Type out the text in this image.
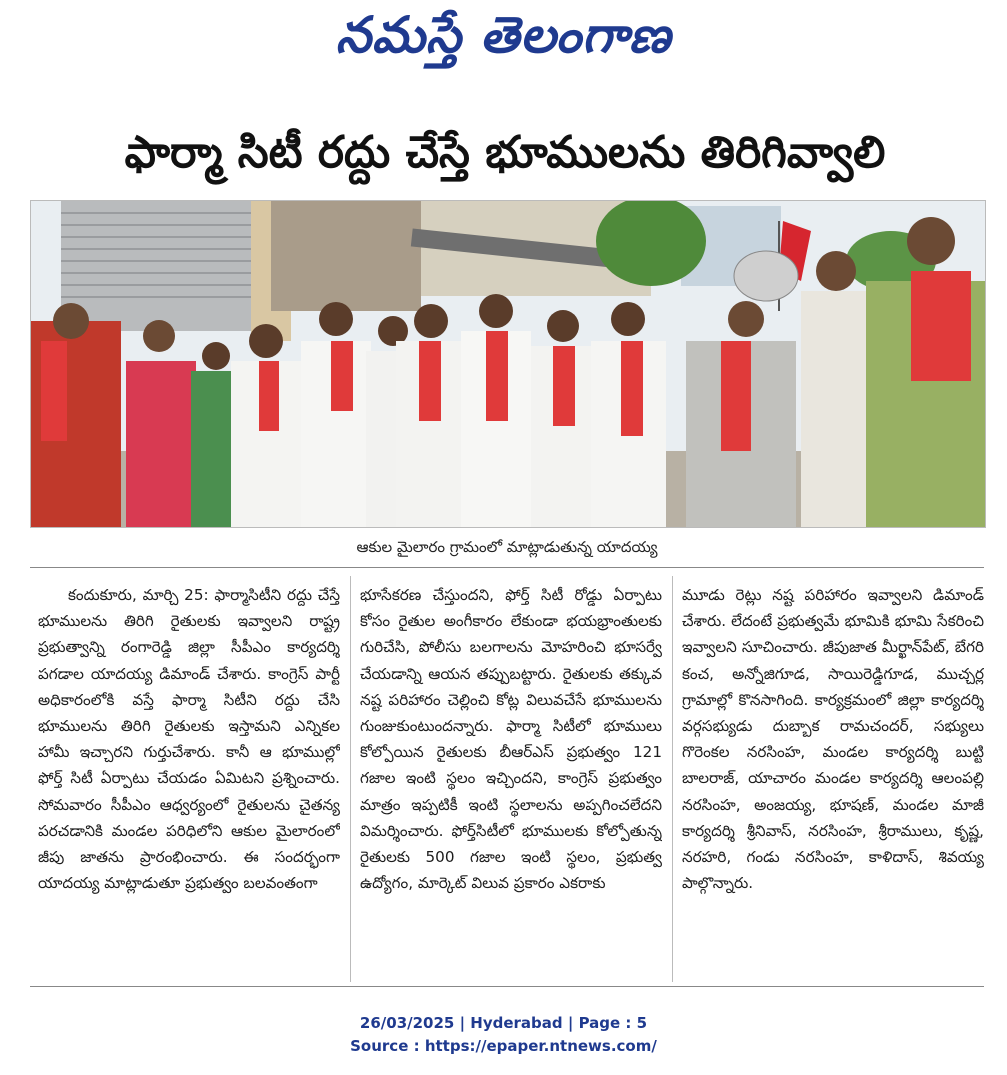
నమస్తే తెలంగాణ
ఫార్మా సిటీ రద్దు చేస్తే భూములను తిరిగివ్వాలి
ఆకుల మైలారం గ్రామంలో మాట్లాడుతున్న యాదయ్య

కందుకూరు, మార్చి 25: ఫార్మాసిటీని రద్దు చేస్తే భూములను తిరిగి రైతులకు ఇవ్వాలని రాష్ట్ర ప్రభుత్వాన్ని రంగారెడ్డి జిల్లా సీపీఎం కార్యదర్శి పగడాల యాదయ్య డిమాండ్ చేశారు. కాంగ్రెస్ పార్టీ అధికారంలోకి వస్తే ఫార్మా సిటీని రద్దు చేసి భూములను తిరిగి రైతులకు ఇస్తామని ఎన్నికల హామీ ఇచ్చారని గుర్తుచేశారు. కానీ ఆ భూముల్లో ఫోర్త్ సిటీ ఏర్పాటు చేయడం ఏమిటని ప్రశ్నించారు. సోమవారం సీపీఎం ఆధ్వర్యంలో రైతులను చైతన్య పరచడానికి మండల పరిధిలోని ఆకుల మైలారంలో జీపు జాతను ప్రారంభించారు. ఈ సందర్భంగా యాదయ్య మాట్లాడుతూ ప్రభుత్వం బలవంతంగా

భూసేకరణ చేస్తుందని, ఫోర్త్ సిటీ రోడ్డు ఏర్పాటు కోసం రైతుల అంగీకారం లేకుండా భయభ్రాంతులకు గురిచేసి, పోలీసు బలగాలను మోహరించి భూసర్వే చేయడాన్ని ఆయన తప్పుబట్టారు. రైతులకు తక్కువ నష్ట పరిహారం చెల్లించి కోట్ల విలువచేసే భూములను గుంజుకుంటుందన్నారు. ఫార్మా సిటీలో భూములు కోల్పోయిన రైతులకు బీఆర్ఎస్ ప్రభుత్వం 121 గజాల ఇంటి స్థలం ఇచ్చిందని, కాంగ్రెస్ ప్రభుత్వం మాత్రం ఇప్పటికీ ఇంటి స్థలాలను అప్పగించలేదని విమర్శించారు. ఫోర్త్‌సిటీలో భూములకు కోల్పోతున్న రైతులకు 500 గజాల ఇంటి స్థలం, ప్రభుత్వ ఉద్యోగం, మార్కెట్ విలువ ప్రకారం ఎకరాకు

మూడు రెట్లు నష్ట పరిహారం ఇవ్వాలని డిమాండ్ చేశారు. లేదంటే ప్రభుత్వమే భూమికి భూమి సేకరించి ఇవ్వాలని సూచించారు. జీపుజాత మీర్ఖాన్‌పేట్, బేగరి కంచ, అన్నోజిగూడ, సాయిరెడ్డిగూడ, ముచ్చర్ల గ్రామాల్లో కొనసాగింది. కార్యక్రమంలో జిల్లా కార్యదర్శి వర్గసభ్యుడు దుబ్బాక రామచందర్, సభ్యులు గొరెంకల నరసింహ, మండల కార్యదర్శి బుట్టి బాలరాజ్, యాచారం మండల కార్యదర్శి ఆలంపల్లి నరసింహ, అంజయ్య, భూషణ్, మండల మాజీ కార్యదర్శి శ్రీనివాస్, నరసింహ, శ్రీరాములు, కృష్ణ, నరహరి, గండు నరసింహ, కాళిదాస్, శివయ్య పాల్గొన్నారు.

26/03/2025 | Hyderabad | Page : 5
Source : https://epaper.ntnews.com/
